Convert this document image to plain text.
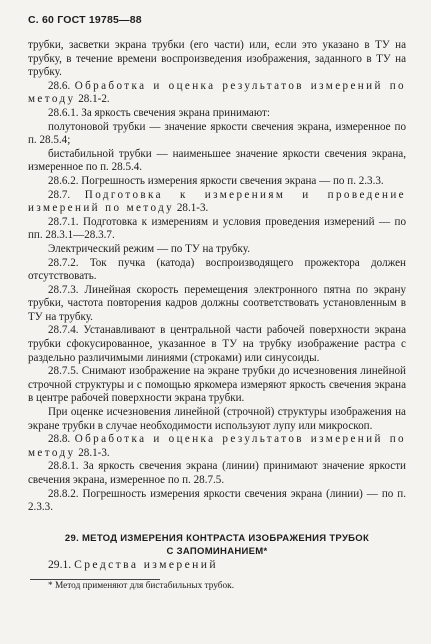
С. 60 ГОСТ 19785—88

трубки, засветки экрана трубки (его части) или, если это указано в ТУ на трубку, в течение времени воспроизведения изображения, заданного в ТУ на трубку.

28.6. Обработка и оценка результатов измерений по методу 28.1-2.

28.6.1. За яркость свечения экрана принимают:

полутоновой трубки — значение яркости свечения экрана, измеренное по п. 28.5.4;

бистабильной трубки — наименьшее значение яркости свечения экрана, измеренное по п. 28.5.4.

28.6.2. Погрешность измерения яркости свечения экрана — по п. 2.3.3.

28.7. Подготовка к измерениям и проведение измерений по методу 28.1-3.

28.7.1. Подготовка к измерениям и условия проведения измерений — по пп. 28.3.1—28.3.7.

Электрический режим — по ТУ на трубку.

28.7.2. Ток пучка (катода) воспроизводящего прожектора должен отсутствовать.

28.7.3. Линейная скорость перемещения электронного пятна по экрану трубки, частота повторения кадров должны соответствовать установленным в ТУ на трубку.

28.7.4. Устанавливают в центральной части рабочей поверхности экрана трубки сфокусированное, указанное в ТУ на трубку изображение растра с раздельно различимыми линиями (строками) или синусоиды.

28.7.5. Снимают изображение на экране трубки до исчезновения линейной строчной структуры и с помощью яркомера измеряют яркость свечения экрана в центре рабочей поверхности экрана трубки.

При оценке исчезновения линейной (строчной) структуры изображения на экране трубки в случае необходимости используют лупу или микроскоп.

28.8. Обработка и оценка результатов измерений по методу 28.1-3.

28.8.1. За яркость свечения экрана (линии) принимают значение яркости свечения экрана, измеренное по п. 28.7.5.

28.8.2. Погрешность измерения яркости свечения экрана (линии) — по п. 2.3.3.

29. МЕТОД ИЗМЕРЕНИЯ КОНТРАСТА ИЗОБРАЖЕНИЯ ТРУБОК
С ЗАПОМИНАНИЕМ*

29.1. Средства измерений

* Метод применяют для бистабильных трубок.
